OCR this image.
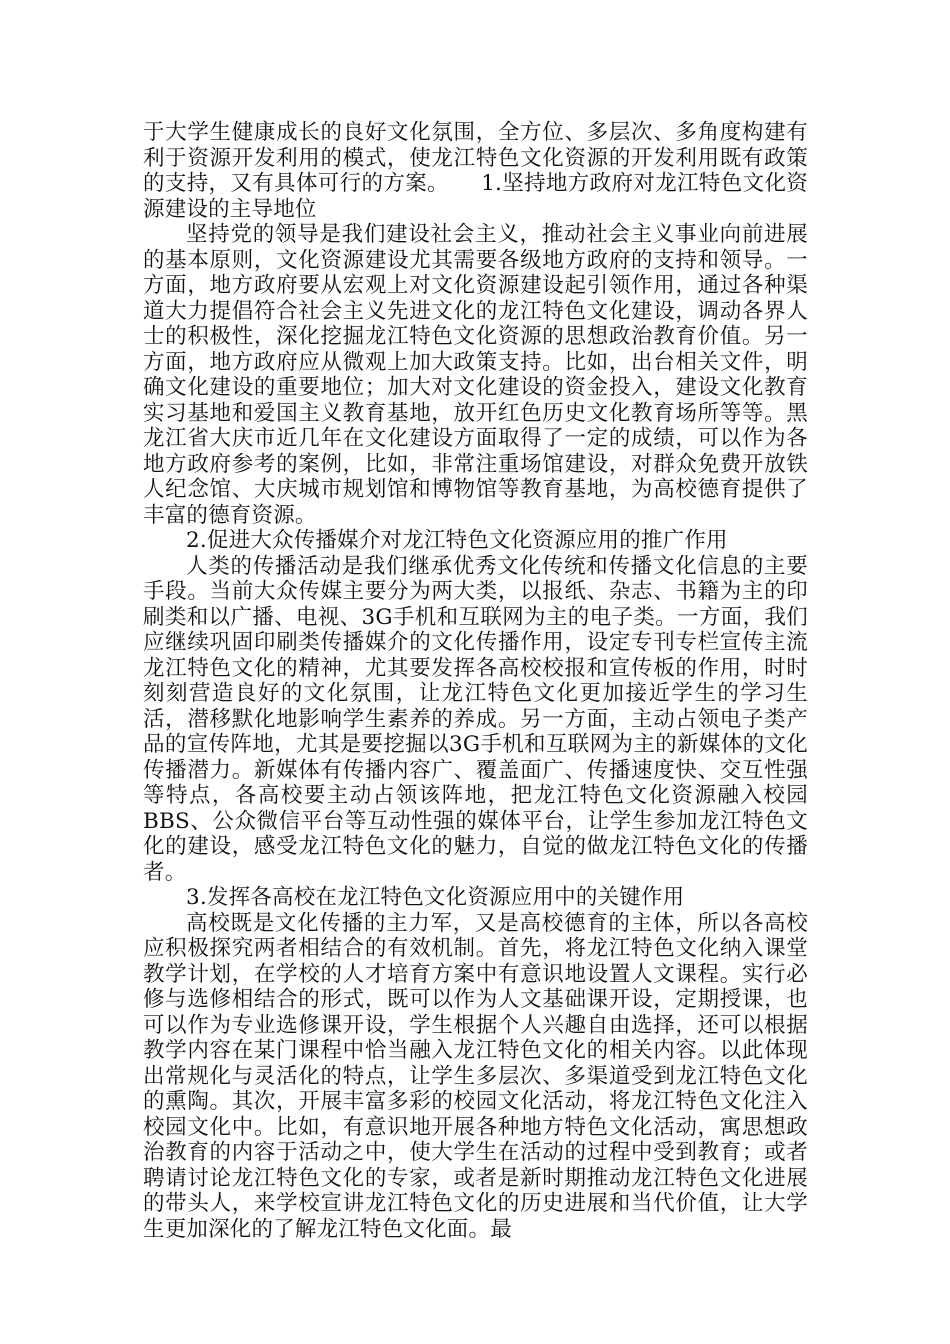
于大学生健康成长的良好文化氛围，全方位、多层次、多角度构建有利于资源开发利用的模式，使龙江特色文化资源的开发利用既有政策的支持，又有具体可行的方案。 1.坚持地方政府对龙江特色文化资源建设的主导地位

坚持党的领导是我们建设社会主义，推动社会主义事业向前进展的基本原则，文化资源建设尤其需要各级地方政府的支持和领导。一方面，地方政府要从宏观上对文化资源建设起引领作用，通过各种渠道大力提倡符合社会主义先进文化的龙江特色文化建设，调动各界人士的积极性，深化挖掘龙江特色文化资源的思想政治教育价值。另一方面，地方政府应从微观上加大政策支持。比如，出台相关文件，明确文化建设的重要地位；加大对文化建设的资金投入，建设文化教育实习基地和爱国主义教育基地，放开红色历史文化教育场所等等。黑龙江省大庆市近几年在文化建设方面取得了一定的成绩，可以作为各地方政府参考的案例，比如，非常注重场馆建设，对群众免费开放铁人纪念馆、大庆城市规划馆和博物馆等教育基地，为高校德育提供了丰富的德育资源。

2.促进大众传播媒介对龙江特色文化资源应用的推广作用

人类的传播活动是我们继承优秀文化传统和传播文化信息的主要手段。当前大众传媒主要分为两大类，以报纸、杂志、书籍为主的印刷类和以广播、电视、3G手机和互联网为主的电子类。一方面，我们应继续巩固印刷类传播媒介的文化传播作用，设定专刊专栏宣传主流龙江特色文化的精神，尤其要发挥各高校校报和宣传板的作用，时时刻刻营造良好的文化氛围，让龙江特色文化更加接近学生的学习生活，潜移默化地影响学生素养的养成。另一方面，主动占领电子类产品的宣传阵地，尤其是要挖掘以3G手机和互联网为主的新媒体的文化传播潜力。新媒体有传播内容广、覆盖面广、传播速度快、交互性强等特点，各高校要主动占领该阵地，把龙江特色文化资源融入校园BBS、公众微信平台等互动性强的媒体平台，让学生参加龙江特色文化的建设，感受龙江特色文化的魅力，自觉的做龙江特色文化的传播者。

3.发挥各高校在龙江特色文化资源应用中的关键作用

高校既是文化传播的主力军，又是高校德育的主体，所以各高校应积极探究两者相结合的有效机制。首先，将龙江特色文化纳入课堂教学计划，在学校的人才培育方案中有意识地设置人文课程。实行必修与选修相结合的形式，既可以作为人文基础课开设，定期授课，也可以作为专业选修课开设，学生根据个人兴趣自由选择，还可以根据教学内容在某门课程中恰当融入龙江特色文化的相关内容。以此体现出常规化与灵活化的特点，让学生多层次、多渠道受到龙江特色文化的熏陶。其次，开展丰富多彩的校园文化活动，将龙江特色文化注入校园文化中。比如，有意识地开展各种地方特色文化活动，寓思想政治教育的内容于活动之中，使大学生在活动的过程中受到教育；或者聘请讨论龙江特色文化的专家，或者是新时期推动龙江特色文化进展的带头人，来学校宣讲龙江特色文化的历史进展和当代价值，让大学生更加深化的了解龙江特色文化面。最
